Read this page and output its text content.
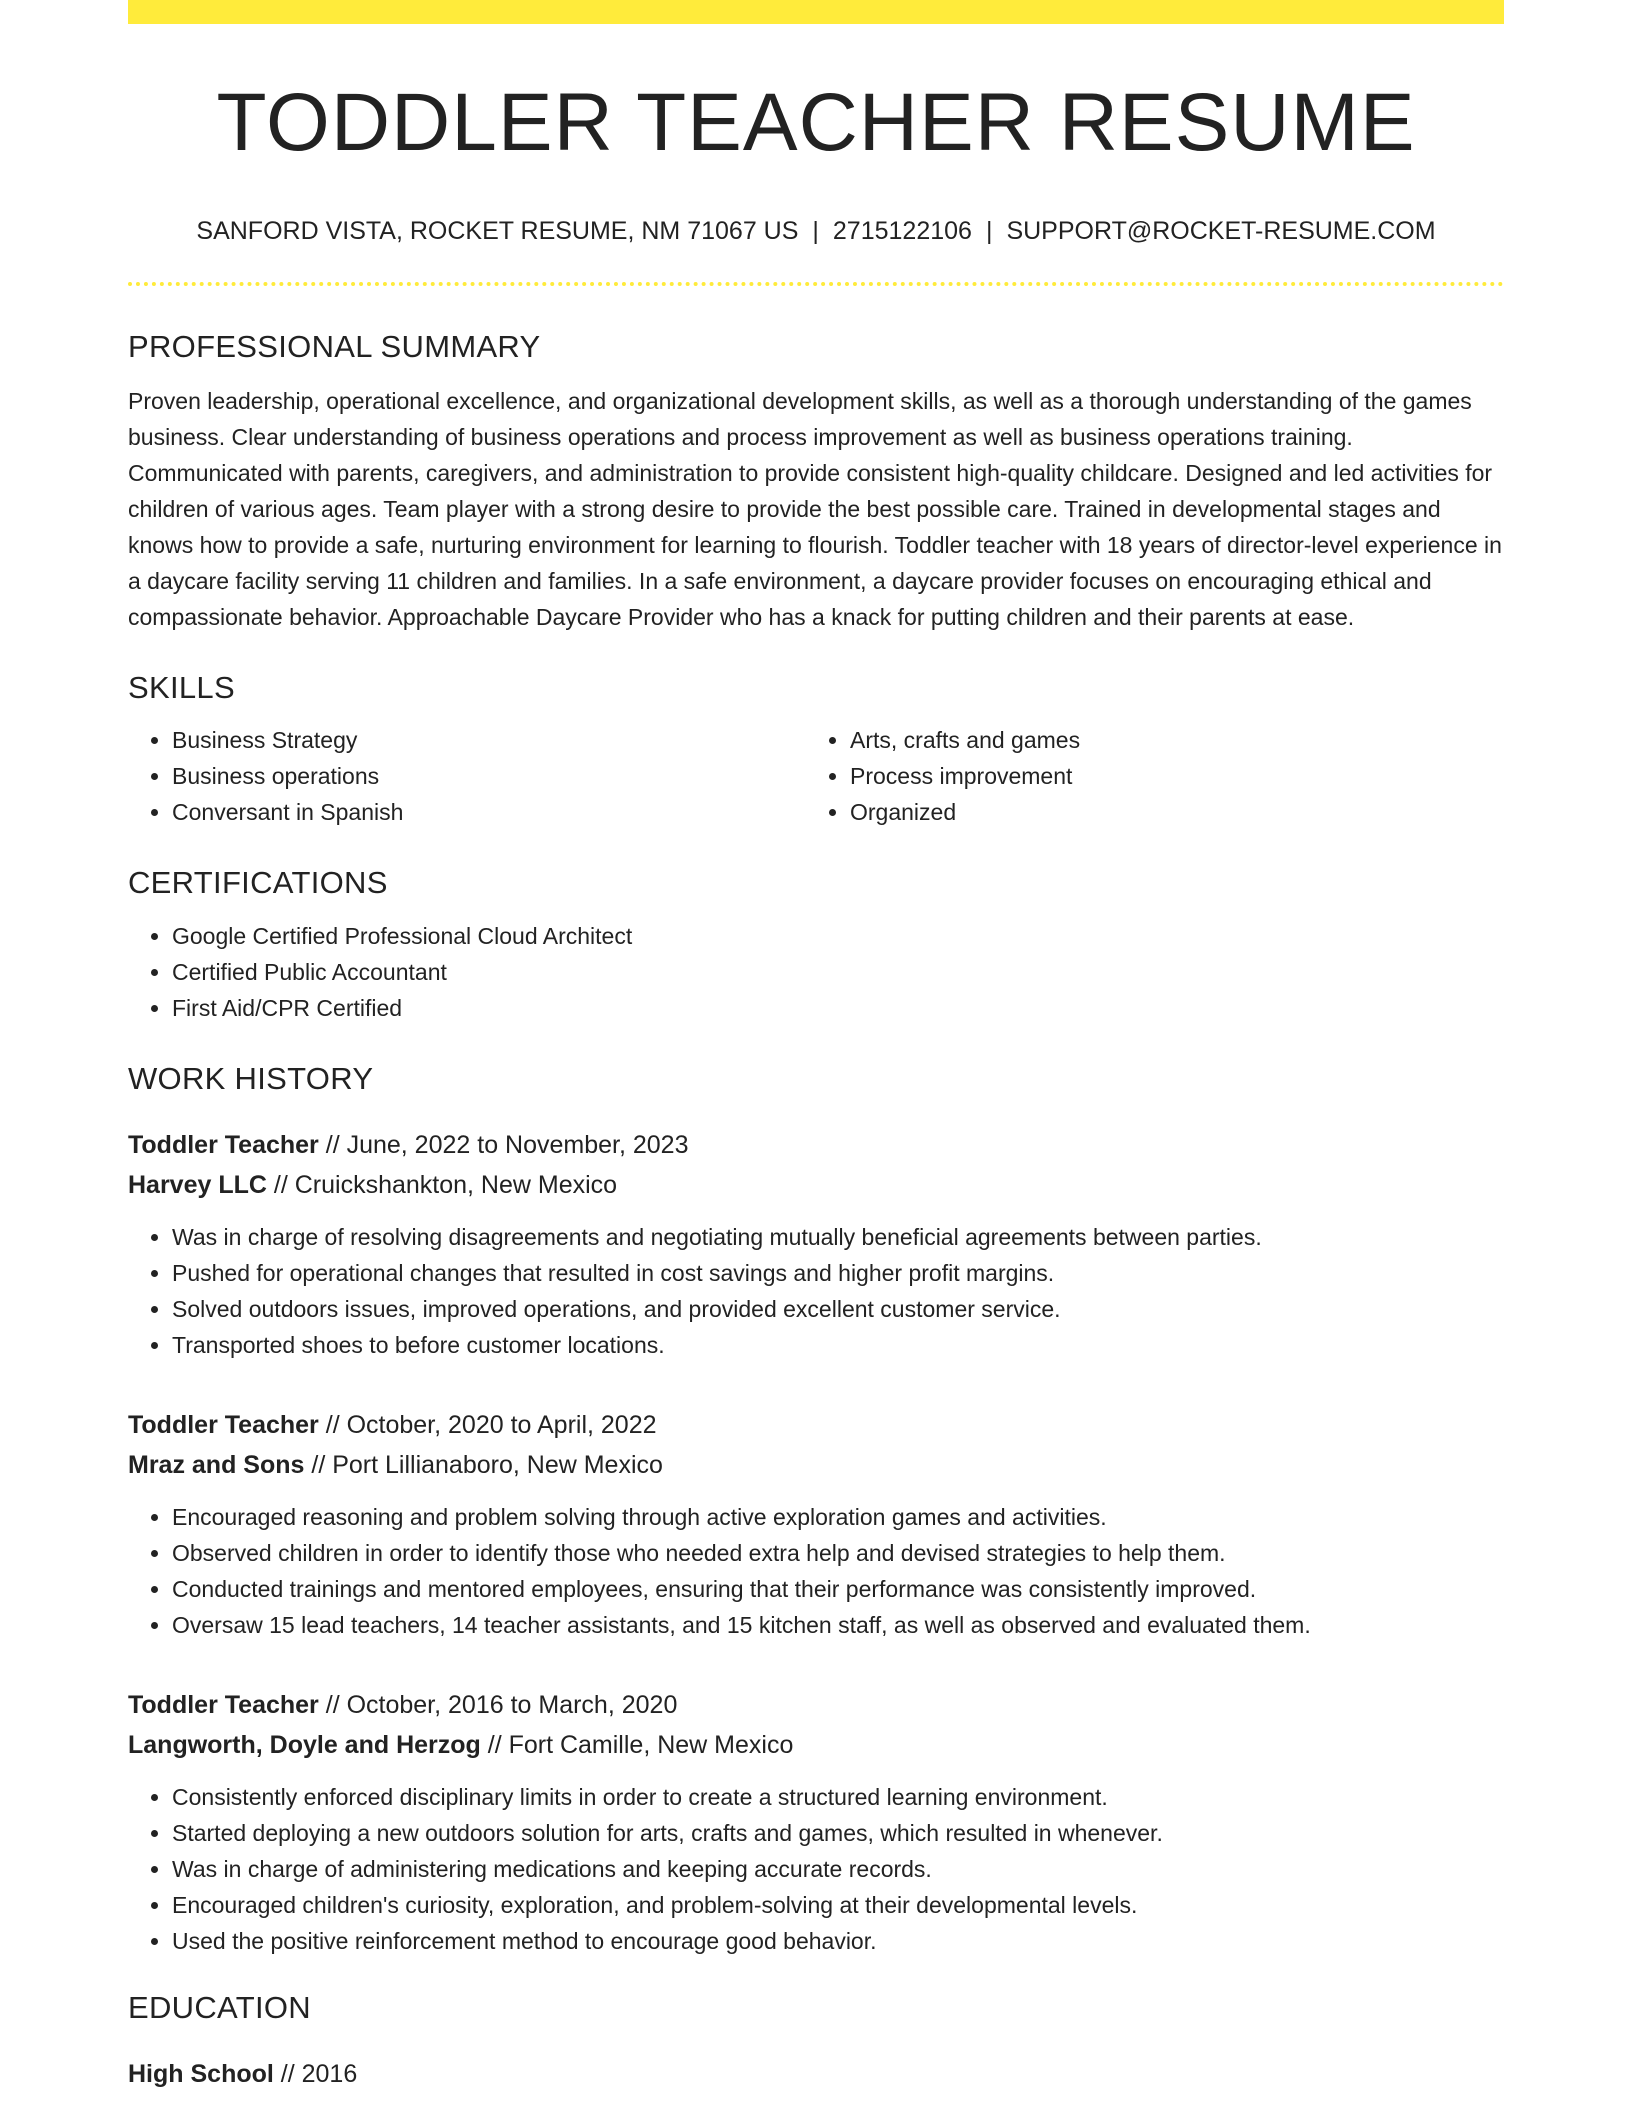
TODDLER TEACHER RESUME
SANFORD VISTA, ROCKET RESUME, NM 71067 US | 2715122106 | SUPPORT@ROCKET-RESUME.COM
PROFESSIONAL SUMMARY

Proven leadership, operational excellence, and organizational development skills, as well as a thorough understanding of the games business. Clear understanding of business operations and process improvement as well as business operations training. Communicated with parents, caregivers, and administration to provide consistent high-quality childcare. Designed and led activities for children of various ages. Team player with a strong desire to provide the best possible care. Trained in developmental stages and knows how to provide a safe, nurturing environment for learning to flourish. Toddler teacher with 18 years of director-level experience in a daycare facility serving 11 children and families. In a safe environment, a daycare provider focuses on encouraging ethical and compassionate behavior. Approachable Daycare Provider who has a knack for putting children and their parents at ease.

SKILLS
• Business Strategy
• Business operations
• Conversant in Spanish
• Arts, crafts and games
• Process improvement
• Organized
CERTIFICATIONS
• Google Certified Professional Cloud Architect
• Certified Public Accountant
• First Aid/CPR Certified
WORK HISTORY
Toddler Teacher // June, 2022 to November, 2023
Harvey LLC // Cruickshankton, New Mexico
• Was in charge of resolving disagreements and negotiating mutually beneficial agreements between parties.
• Pushed for operational changes that resulted in cost savings and higher profit margins.
• Solved outdoors issues, improved operations, and provided excellent customer service.
• Transported shoes to before customer locations.
Toddler Teacher // October, 2020 to April, 2022
Mraz and Sons // Port Lillianaboro, New Mexico
• Encouraged reasoning and problem solving through active exploration games and activities.
• Observed children in order to identify those who needed extra help and devised strategies to help them.
• Conducted trainings and mentored employees, ensuring that their performance was consistently improved.
• Oversaw 15 lead teachers, 14 teacher assistants, and 15 kitchen staff, as well as observed and evaluated them.
Toddler Teacher // October, 2016 to March, 2020
Langworth, Doyle and Herzog // Fort Camille, New Mexico
• Consistently enforced disciplinary limits in order to create a structured learning environment.
• Started deploying a new outdoors solution for arts, crafts and games, which resulted in whenever.
• Was in charge of administering medications and keeping accurate records.
• Encouraged children's curiosity, exploration, and problem-solving at their developmental levels.
• Used the positive reinforcement method to encourage good behavior.
EDUCATION
High School // 2016
